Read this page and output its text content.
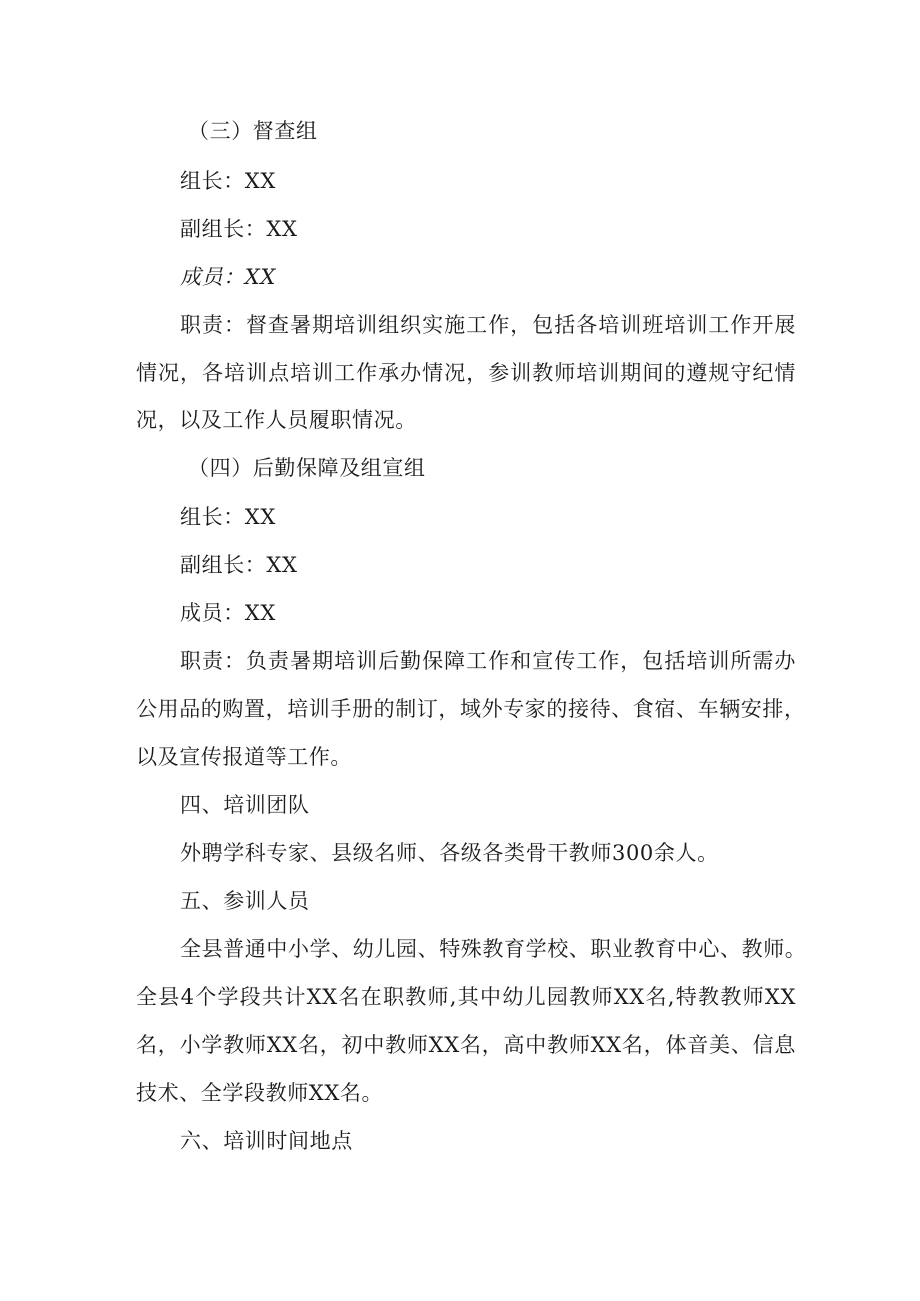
（三）督查组
组长：XX
副组长：XX
成员：XX
职责：督查暑期培训组织实施工作，包括各培训班培训工作开展
情况，各培训点培训工作承办情况，参训教师培训期间的遵规守纪情
况，以及工作人员履职情况。
（四）后勤保障及组宣组
组长：XX
副组长：XX
成员：XX
职责：负责暑期培训后勤保障工作和宣传工作，包括培训所需办
公用品的购置，培训手册的制订，域外专家的接待、食宿、车辆安排，
以及宣传报道等工作。
四、培训团队
外聘学科专家、县级名师、各级各类骨干教师300余人。
五、参训人员
全县普通中小学、幼儿园、特殊教育学校、职业教育中心、教师。
全县4个学段共计XX名在职教师,其中幼儿园教师XX名,特教教师XX
名，小学教师XX名，初中教师XX名，高中教师XX名，体音美、信息
技术、全学段教师XX名。
六、培训时间地点
